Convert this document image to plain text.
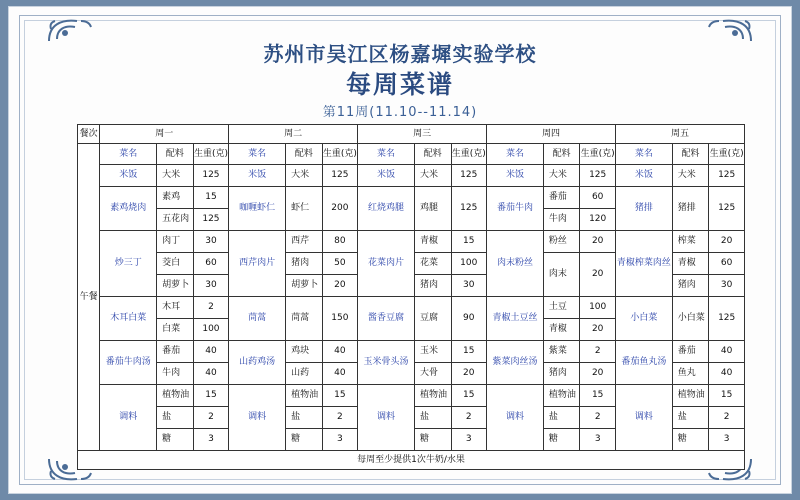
苏州市吴江区杨嘉墀实验学校
每周菜谱
第11周(11.10--11.14)
餐次	周一			周二			周三			周四			周五		
午餐	菜名	配料	生重(克)	菜名	配料	生重(克)	菜名	配料	生重(克)	菜名	配料	生重(克)	菜名	配料	生重(克)
	米饭	大米	125	米饭	大米	125	米饭	大米	125	米饭	大米	125	米饭	大米	125
	素鸡烧肉	素鸡	15	咖喱虾仁	虾仁	200	红烧鸡腿	鸡腿	125	番茄牛肉	番茄	60	猪排	猪排	125
		五花肉	125								牛肉	120			
	炒三丁	肉丁	30	西芹肉片	西芹	80	花菜肉片	青椒	15	肉末粉丝	粉丝	20	青椒榨菜肉丝	榨菜	20
		茭白	60		猪肉	50		花菜	100		肉末	20		青椒	60
		胡萝卜	30		胡萝卜	20		猪肉	30					猪肉	30
	木耳白菜	木耳	2	茼蒿	茼蒿	150	酱香豆腐	豆腐	90	青椒土豆丝	土豆	100	小白菜	小白菜	125
		白菜	100								青椒	20			
	番茄牛肉汤	番茄	40	山药鸡汤	鸡块	40	玉米骨头汤	玉米	15	紫菜肉丝汤	紫菜	2	番茄鱼丸汤	番茄	40
		牛肉	40		山药	40		大骨	20		猪肉	20		鱼丸	40
	调料	植物油	15	调料	植物油	15	调料	植物油	15	调料	植物油	15	调料	植物油	15
		盐	2		盐	2		盐	2		盐	2		盐	2
		糖	3		糖	3		糖	3		糖	3		糖	3
每周至少提供1次牛奶/水果															
